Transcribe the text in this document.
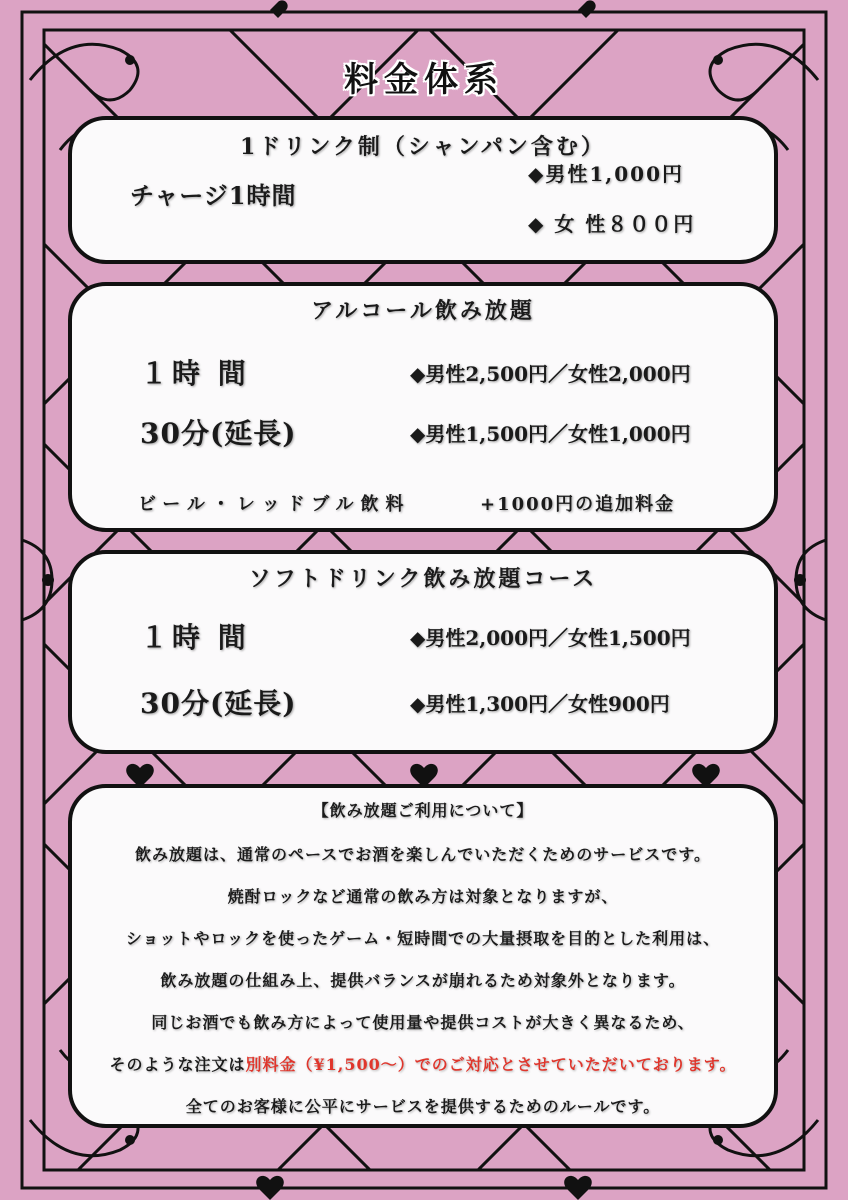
料金体系
1ドリンク制（シャンパン含む）
チャージ1時間
◆男性1,000円
◆ 女 性８００円
アルコール飲み放題
１時 間	◆男性2,500円／女性2,000円
30分(延長)	◆男性1,500円／女性1,000円
ビール・レッドブル飲料	+1000円の追加料金
ソフトドリンク飲み放題コース
１時 間	◆男性2,000円／女性1,500円
30分(延長)	◆男性1,300円／女性900円

【飲み放題ご利用について】

飲み放題は、通常のペースでお酒を楽しんでいただくためのサービスです。

焼酎ロックなど通常の飲み方は対象となりますが、

ショットやロックを使ったゲーム・短時間での大量摂取を目的とした利用は、

飲み放題の仕組み上、提供バランスが崩れるため対象外となります。

同じお酒でも飲み方によって使用量や提供コストが大きく異なるため、

そのような注文は別料金（¥1,500～）でのご対応とさせていただいております。

全てのお客様に公平にサービスを提供するためのルールです。
